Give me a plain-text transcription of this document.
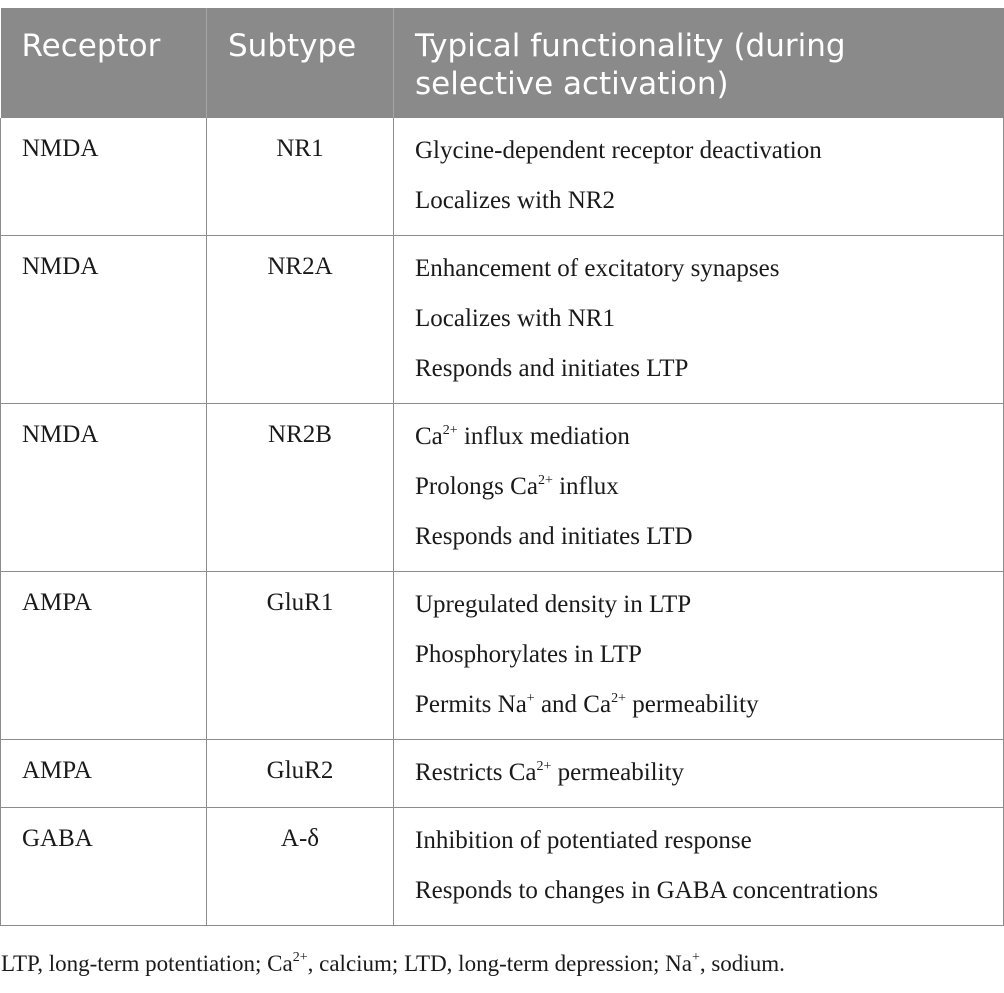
Receptor	Subtype	Typical functionality (during selective activation)
NMDA	NR1	Glycine-dependent receptor deactivation
Localizes with NR2

NMDA	NR2A	Enhancement of excitatory synapses
Localizes with NR1
Responds and initiates LTP

NMDA	NR2B	$Ca^{2+}$ influx mediation
Prolongs $Ca^{2+}$ influx
Responds and initiates LTD

AMPA	GluR1	Upregulated density in LTP
Phosphorylates in LTP
Permits Na+ and $Ca^{2+}$ permeability

AMPA	GluR2	Restricts $Ca^{2+}$ permeability

GABA	A-δ	Inhibition of potentiated response
Responds to changes in GABA concentrations

LTP, long-term potentiation; $Ca^{2+}$, calcium; LTD, long-term depression; Na+, sodium.
